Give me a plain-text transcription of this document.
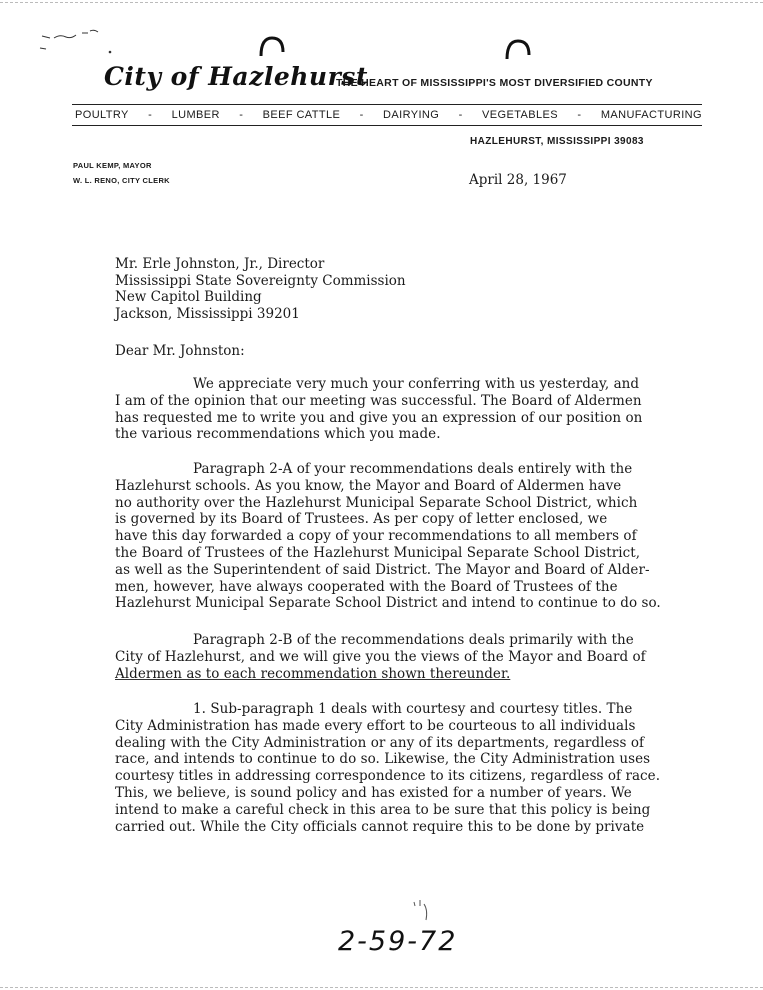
City of Hazlehurst
THE HEART OF MISSISSIPPI'S MOST DIVERSIFIED COUNTY
POULTRY - LUMBER - BEEF CATTLE - DAIRYING - VEGETABLES - MANUFACTURING
HAZLEHURST, MISSISSIPPI 39083
PAUL KEMP, MAYOR
W. L. RENO, CITY CLERK	April 28, 1967
Mr. Erle Johnston, Jr., Director
Mississippi State Sovereignty Commission
New Capitol Building
Jackson, Mississippi 39201
Dear Mr. Johnston:
We appreciate very much your conferring with us yesterday, and
I am of the opinion that our meeting was successful. The Board of Aldermen
has requested me to write you and give you an expression of our position on
the various recommendations which you made.
Paragraph 2-A of your recommendations deals entirely with the
Hazlehurst schools. As you know, the Mayor and Board of Aldermen have
no authority over the Hazlehurst Municipal Separate School District, which
is governed by its Board of Trustees. As per copy of letter enclosed, we
have this day forwarded a copy of your recommendations to all members of
the Board of Trustees of the Hazlehurst Municipal Separate School District,
as well as the Superintendent of said District. The Mayor and Board of Alder-
men, however, have always cooperated with the Board of Trustees of the
Hazlehurst Municipal Separate School District and intend to continue to do so.
Paragraph 2-B of the recommendations deals primarily with the
City of Hazlehurst, and we will give you the views of the Mayor and Board of
Aldermen as to each recommendation shown thereunder.
1. Sub-paragraph 1 deals with courtesy and courtesy titles. The
City Administration has made every effort to be courteous to all individuals
dealing with the City Administration or any of its departments, regardless of
race, and intends to continue to do so. Likewise, the City Administration uses
courtesy titles in addressing correspondence to its citizens, regardless of race.
This, we believe, is sound policy and has existed for a number of years. We
intend to make a careful check in this area to be sure that this policy is being
carried out. While the City officials cannot require this to be done by private
2-59-72
